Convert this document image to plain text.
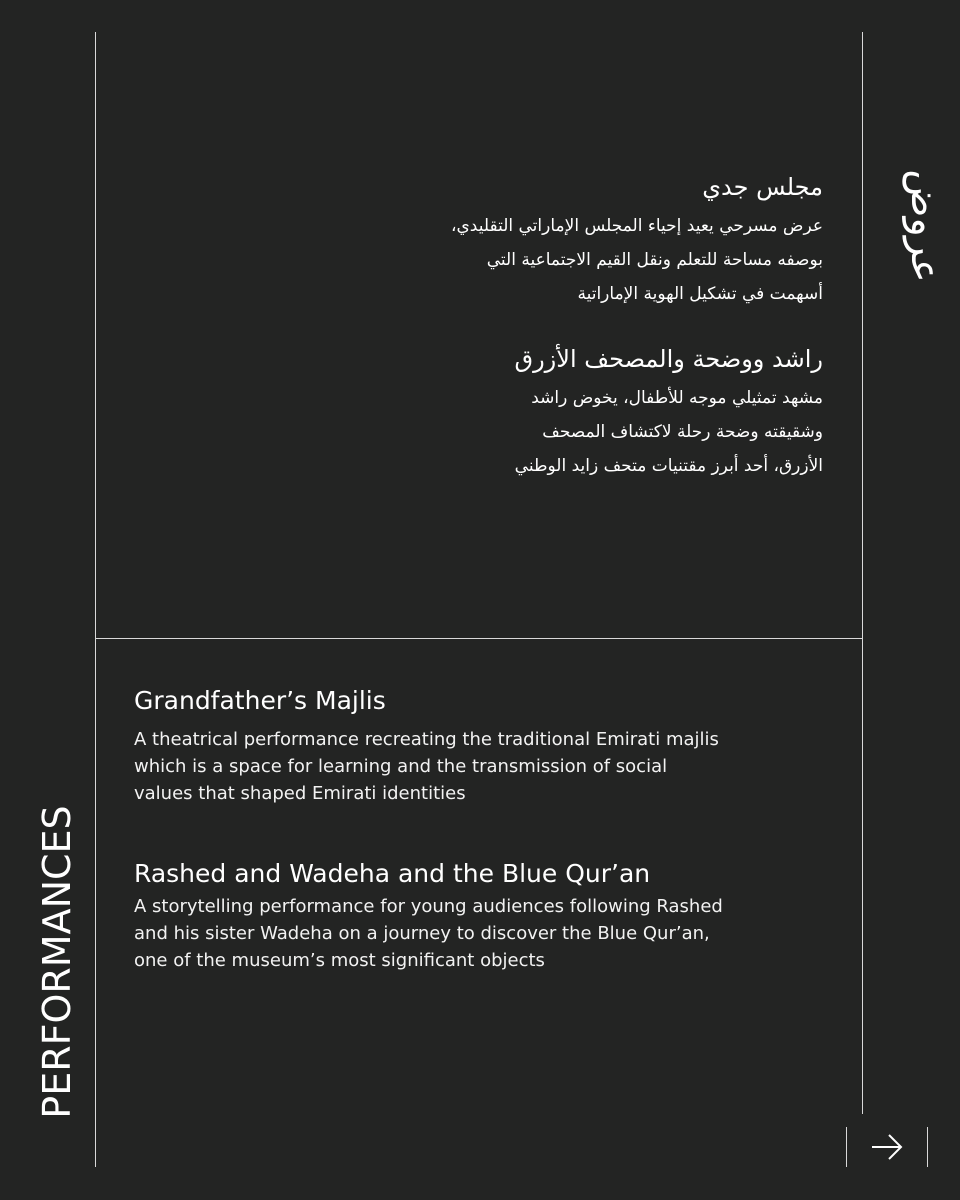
PERFORMANCES
عروض
مجلس جدي

عرض مسرحي يعيد إحياء المجلس الإماراتي التقليدي،
بوصفه مساحة للتعلم ونقل القيم الاجتماعية التي
أسهمت في تشكيل الهوية الإماراتية

راشد ووضحة والمصحف الأزرق

مشهد تمثيلي موجه للأطفال، يخوض راشد
وشقيقته وضحة رحلة لاكتشاف المصحف
الأزرق، أحد أبرز مقتنيات متحف زايد الوطني

Grandfather’s Majlis

A theatrical performance recreating the traditional Emirati majlis
which is a space for learning and the transmission of social
values that shaped Emirati identities

Rashed and Wadeha and the Blue Qur’an

A storytelling performance for young audiences following Rashed
and his sister Wadeha on a journey to discover the Blue Qur’an,
one of the museum’s most significant objects
